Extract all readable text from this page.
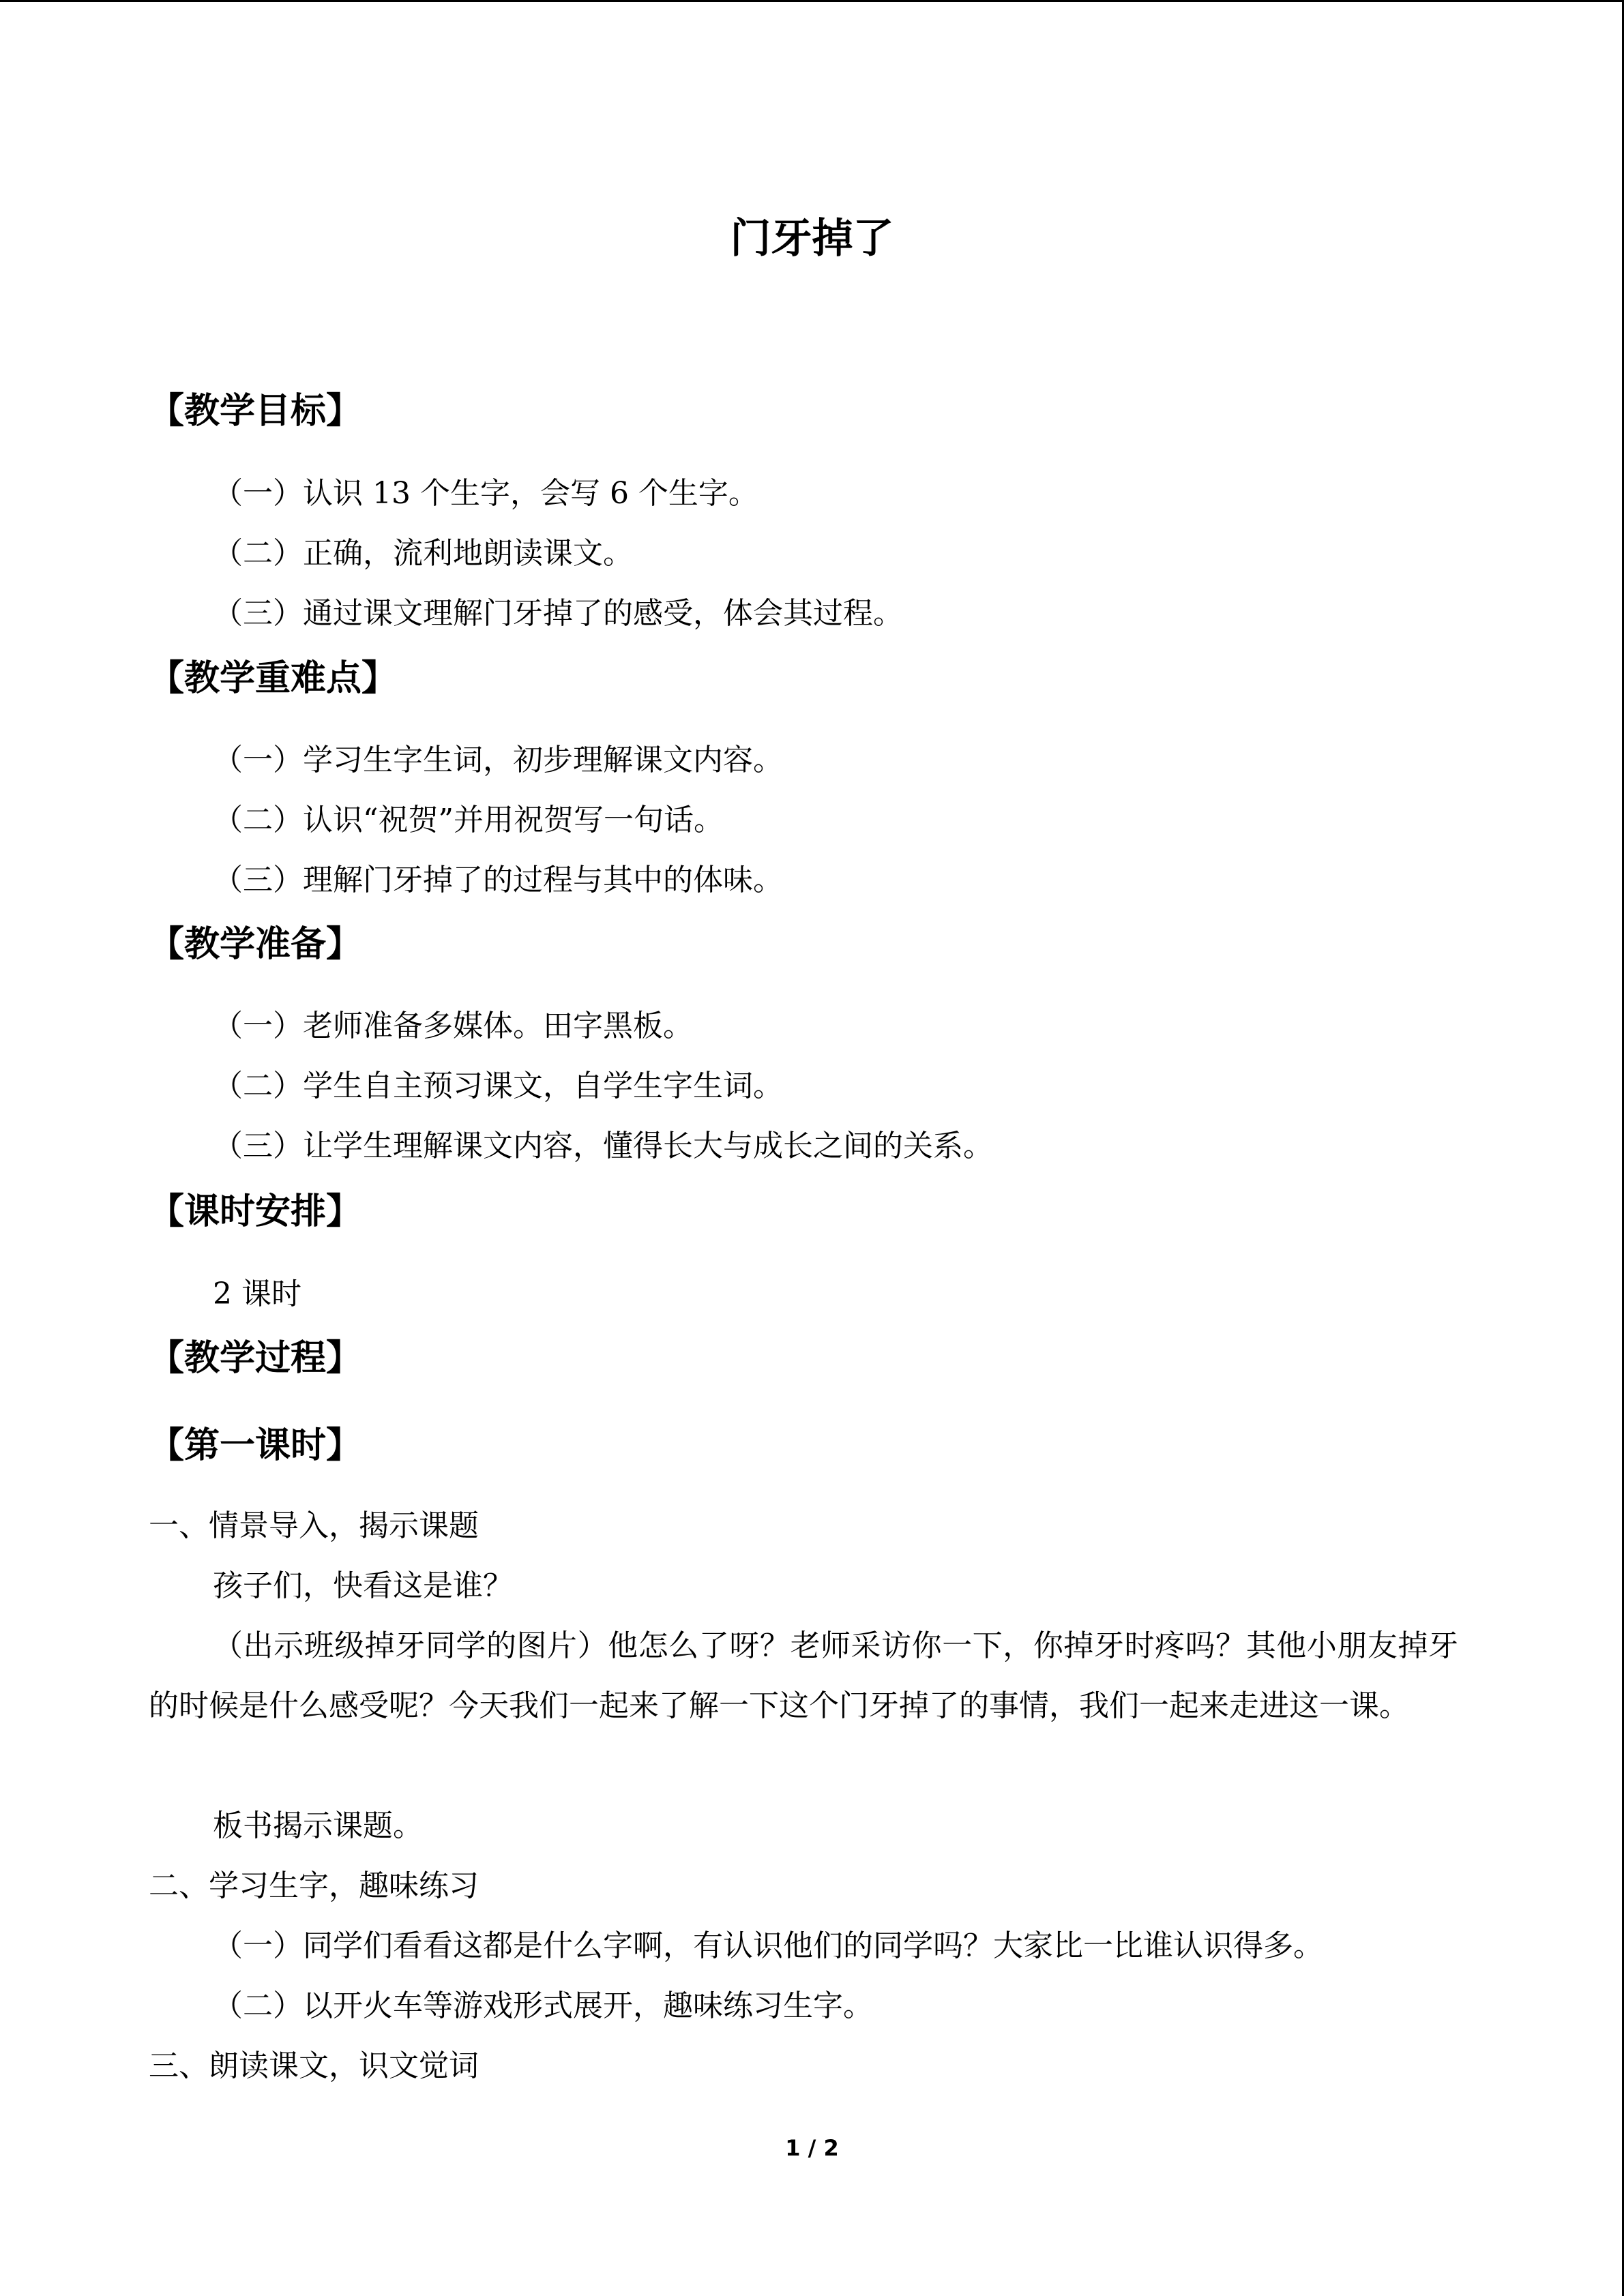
门牙掉了
【教学目标】
（一）认识 13 个生字，会写 6 个生字。
（二）正确，流利地朗读课文。
（三）通过课文理解门牙掉了的感受，体会其过程。
【教学重难点】
（一）学习生字生词，初步理解课文内容。
（二）认识“祝贺”并用祝贺写一句话。
（三）理解门牙掉了的过程与其中的体味。
【教学准备】
（一）老师准备多媒体。田字黑板。
（二）学生自主预习课文，自学生字生词。
（三）让学生理解课文内容，懂得长大与成长之间的关系。
【课时安排】
2 课时
【教学过程】
【第一课时】
一、情景导入，揭示课题
孩子们，快看这是谁？
（出示班级掉牙同学的图片）他怎么了呀？老师采访你一下，你掉牙时疼吗？其他小朋友掉牙的时候是什么感受呢？今天我们一起来了解一下这个门牙掉了的事情，我们一起来走进这一课。
板书揭示课题。
二、学习生字，趣味练习
（一）同学们看看这都是什么字啊，有认识他们的同学吗？大家比一比谁认识得多。
（二）以开火车等游戏形式展开，趣味练习生字。
三、朗读课文，识文觉词
1 / 2
